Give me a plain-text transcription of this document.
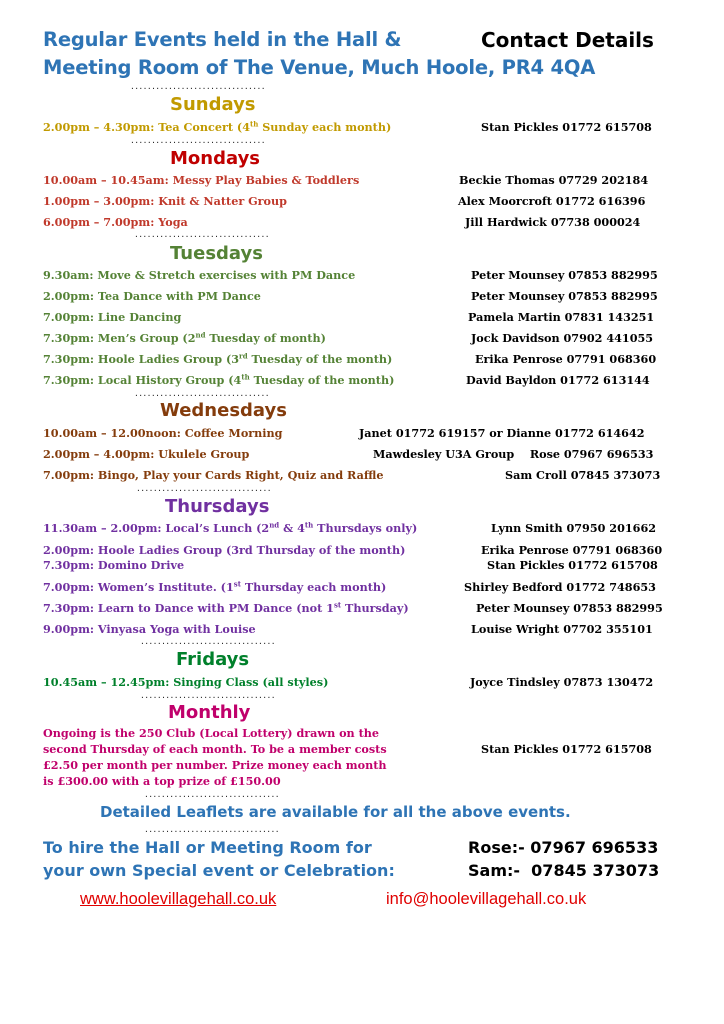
Regular Events held in the Hall &	Contact Details
Meeting Room of The Venue, Much Hoole, PR4 4QA
................................
Sundays
2.00pm – 4.30pm: Tea Concert (4th Sunday each month)	Stan Pickles 01772 615708
................................
Mondays
10.00am – 10.45am: Messy Play Babies & Toddlers	Beckie Thomas 07729 202184
1.00pm – 3.00pm: Knit & Natter Group	Alex Moorcroft 01772 616396
6.00pm – 7.00pm: Yoga	Jill Hardwick 07738 000024
................................
Tuesdays
9.30am: Move & Stretch exercises with PM Dance	Peter Mounsey 07853 882995
2.00pm: Tea Dance with PM Dance	Peter Mounsey 07853 882995
7.00pm: Line Dancing	Pamela Martin 07831 143251
7.30pm: Men’s Group (2nd Tuesday of month)	Jock Davidson 07902 441055
7.30pm: Hoole Ladies Group (3rd Tuesday of the month)	Erika Penrose 07791 068360
7.30pm: Local History Group (4th Tuesday of the month)	David Bayldon 01772 613144
................................
Wednesdays
10.00am – 12.00noon: Coffee Morning	Janet 01772 619157 or Dianne 01772 614642
2.00pm – 4.00pm: Ukulele Group	Mawdesley U3A Group    Rose 07967 696533
7.00pm: Bingo, Play your Cards Right, Quiz and Raffle	Sam Croll 07845 373073
................................
Thursdays
11.30am – 2.00pm: Local’s Lunch (2nd & 4th Thursdays only)	Lynn Smith 07950 201662
2.00pm: Hoole Ladies Group (3rd Thursday of the month)	Erika Penrose 07791 068360
7.30pm: Domino Drive	Stan Pickles 01772 615708
7.00pm: Women’s Institute. (1st Thursday each month)	Shirley Bedford 01772 748653
7.30pm: Learn to Dance with PM Dance (not 1st Thursday)	Peter Mounsey 07853 882995
9.00pm: Vinyasa Yoga with Louise	Louise Wright 07702 355101
................................
Fridays
10.45am – 12.45pm: Singing Class (all styles)	Joyce Tindsley 07873 130472
................................
Monthly
Ongoing is the 250 Club (Local Lottery) drawn on the
second Thursday of each month. To be a member costs
£2.50 per month per number. Prize money each month
is £300.00 with a top prize of £150.00
Stan Pickles 01772 615708
................................
Detailed Leaflets are available for all the above events.
................................
To hire the Hall or Meeting Room for
your own Special event or Celebration:
Rose:- 07967 696533
Sam:-  07845 373073
www.hoolevillagehall.co.uk	info@hoolevillagehall.co.uk
